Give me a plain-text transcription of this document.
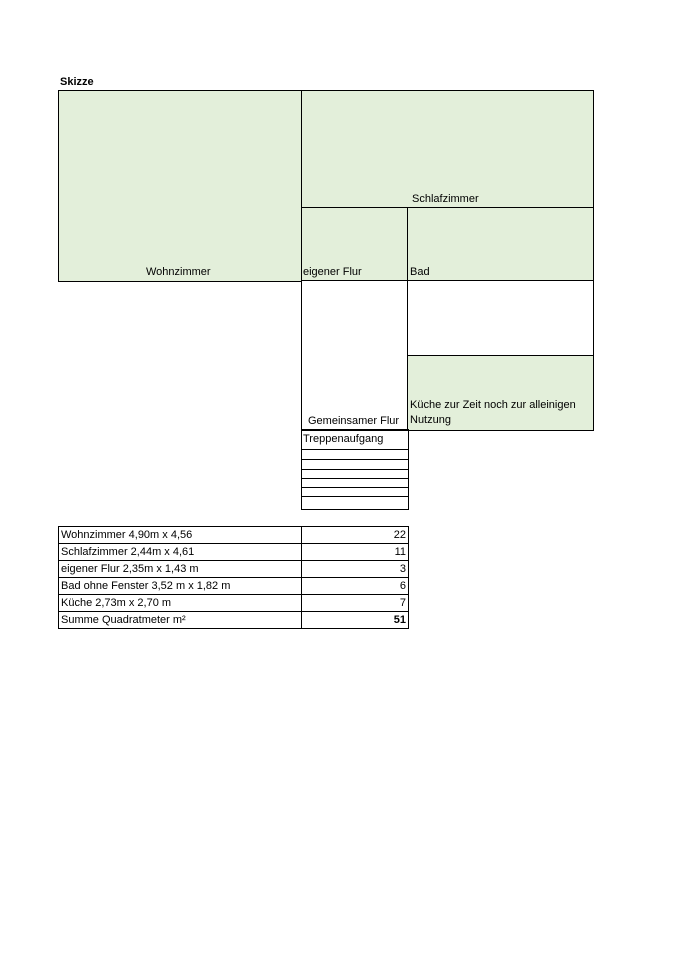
Skizze
Wohnzimmer
Schlafzimmer
eigener Flur	Bad
Gemeinsamer Flur
Küche zur Zeit noch zur alleinigen Nutzung
Treppenaufgang
Wohnzimmer 4,90m x 4,56	22
Schlafzimmer 2,44m x 4,61	11
eigener Flur 2,35m x 1,43 m	3
Bad ohne Fenster 3,52 m x 1,82 m	6
Küche 2,73m x 2,70 m	7
Summe Quadratmeter m²	51
